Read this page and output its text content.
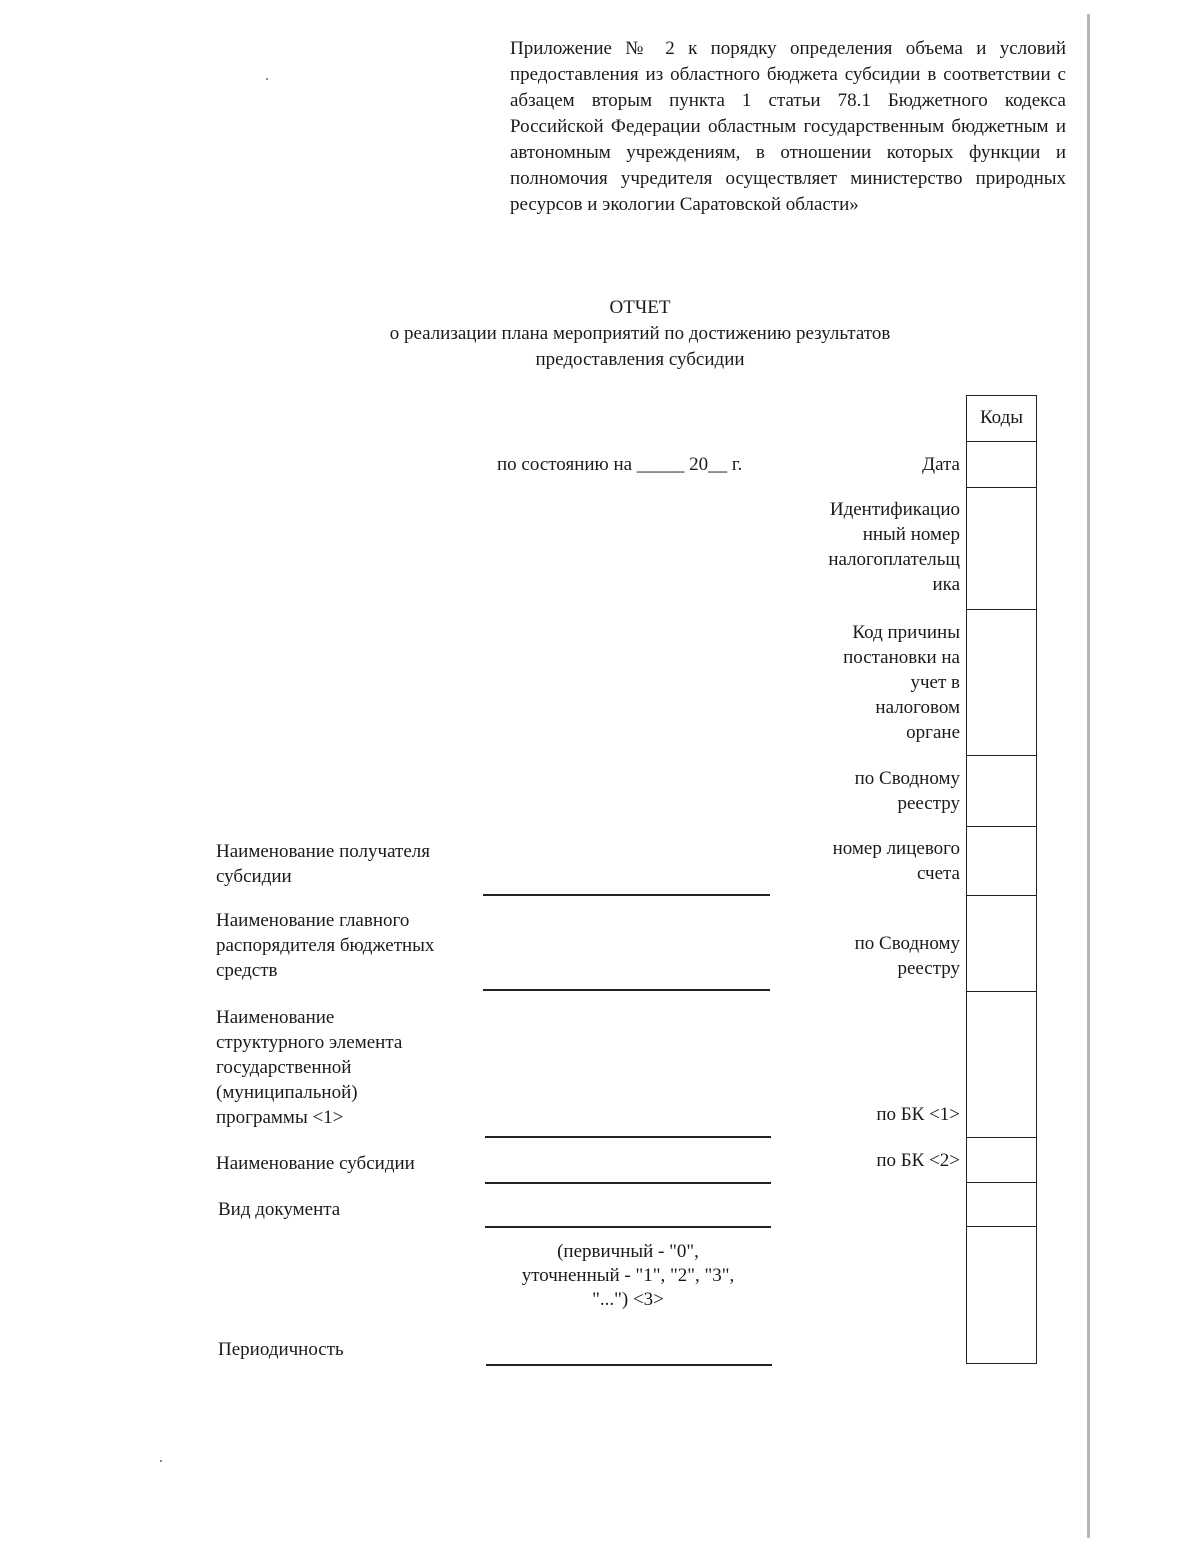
Приложение № 2 к порядку определения объема и условий предоставления из областного бюджета субсидии в соответствии с абзацем вторым пункта 1 статьи 78.1 Бюджетного кодекса Российской Федерации областным государственным бюджетным и автономным учреждениям, в отношении которых функции и полномочия учредителя осуществляет министерство природных ресурсов и экологии Саратовской области»
ОТЧЕТ
о реализации плана мероприятий по достижению результатов
предоставления субсидии
Коды
по состоянию на _____ 20__ г.	Дата
Идентификацио
нный номер
налогоплательщ
ика
Код причины
постановки на
учет в
налоговом
органе
по Сводному
реестру
номер лицевого
счета
по Сводному
реестру
по БК <1>
по БК <2>
Наименование получателя
субсидии
Наименование главного
распорядителя бюджетных
средств
Наименование
структурного элемента
государственной
(муниципальной)
программы <1>
Наименование субсидии
Вид документа
(первичный - "0",
уточненный - "1", "2", "3",
"...") <3>
Периодичность
